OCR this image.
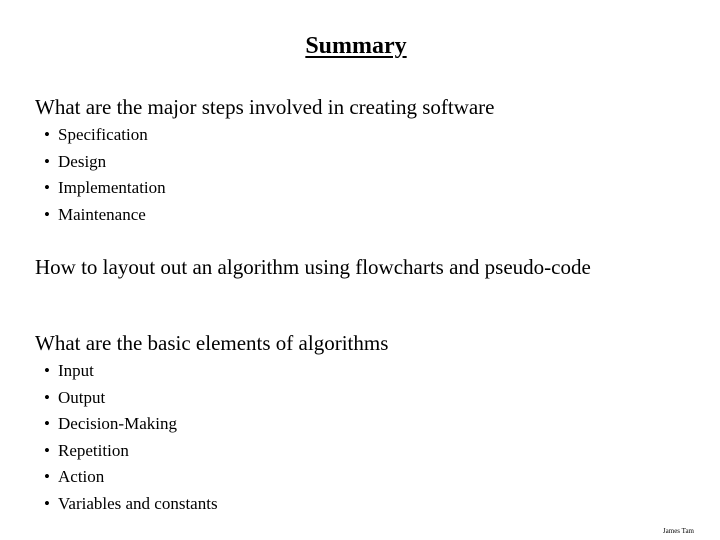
Summary
What are the major steps involved in creating software
• Specification
• Design
• Implementation
• Maintenance
How to layout out an algorithm using flowcharts and pseudo-code
What are the basic elements of algorithms
• Input
• Output
• Decision-Making
• Repetition
• Action
• Variables and constants
James Tam
